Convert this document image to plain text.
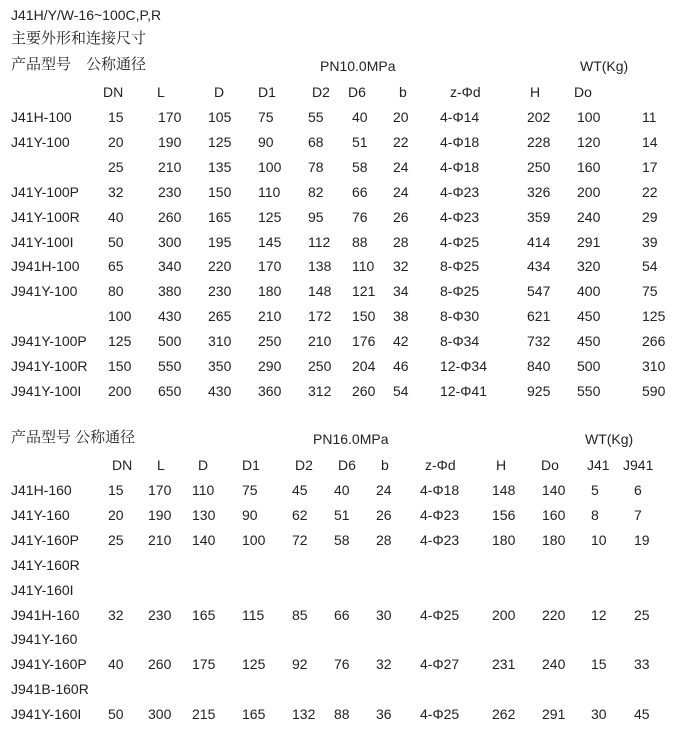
J41H/Y/W-16~100C,P,R
主要外形和连接尺寸
产品型号　公称通径	PN10.0MPa	WT(Kg)
DN L	D D1	D2 D6 b	z-Φd	H Do
J41H-100	15 170 105 75 55 40 20 4-Φ14	202 100	11
J41Y-100	20 190 125 90 68 51 22 4-Φ18	228 120	14
25 210 135 100 78 58 24 4-Φ18	250 160	17
J41Y-100P 32 230 150 110 82 66 24 4-Φ23	326 200	22
J41Y-100R 40 260 165 125 95 76 26 4-Φ23	359 240	29
J41Y-100I 50 300 195 145 112 88 28 4-Φ25	414 291	39
J941H-100 65 340 220 170 138 110 32 8-Φ25	434 320	54
J941Y-100 80 380 230 180 148 121 34 8-Φ25	547 400	75
100 430 265 210 172 150 38 8-Φ30	621 450	125
J941Y-100P 125 500 310 250 210 176 42 8-Φ34	732 450	266
J941Y-100R 150 550 350 290 250 204 46 12-Φ34	840 500	310
J941Y-100I 200 650 430 360 312 260 54 12-Φ41	925 550	590
产品型号 公称通径	PN16.0MPa	WT(Kg)
DN L D D1	D2 D6 b	z-Φd	H Do J41 J941
J41H-160	15 170 110 75 45 40 24 4-Φ18 148 140 5	6
J41Y-160	20 190 130 90 62 51 26 4-Φ23 156 160 8	7
J41Y-160P 25 210 140 100 72 58 28 4-Φ23 180 180 10 19
J41Y-160R
J41Y-160I
J941H-160 32 230 165 115 85 66 30 4-Φ25 200 220 12 25
J941Y-160
J941Y-160P 40 260 175 125 92 76 32 4-Φ27 231 240 15 33
J941B-160R
J941Y-160I 50 300 215 165 132 88 36 4-Φ25 262 291 30 45
